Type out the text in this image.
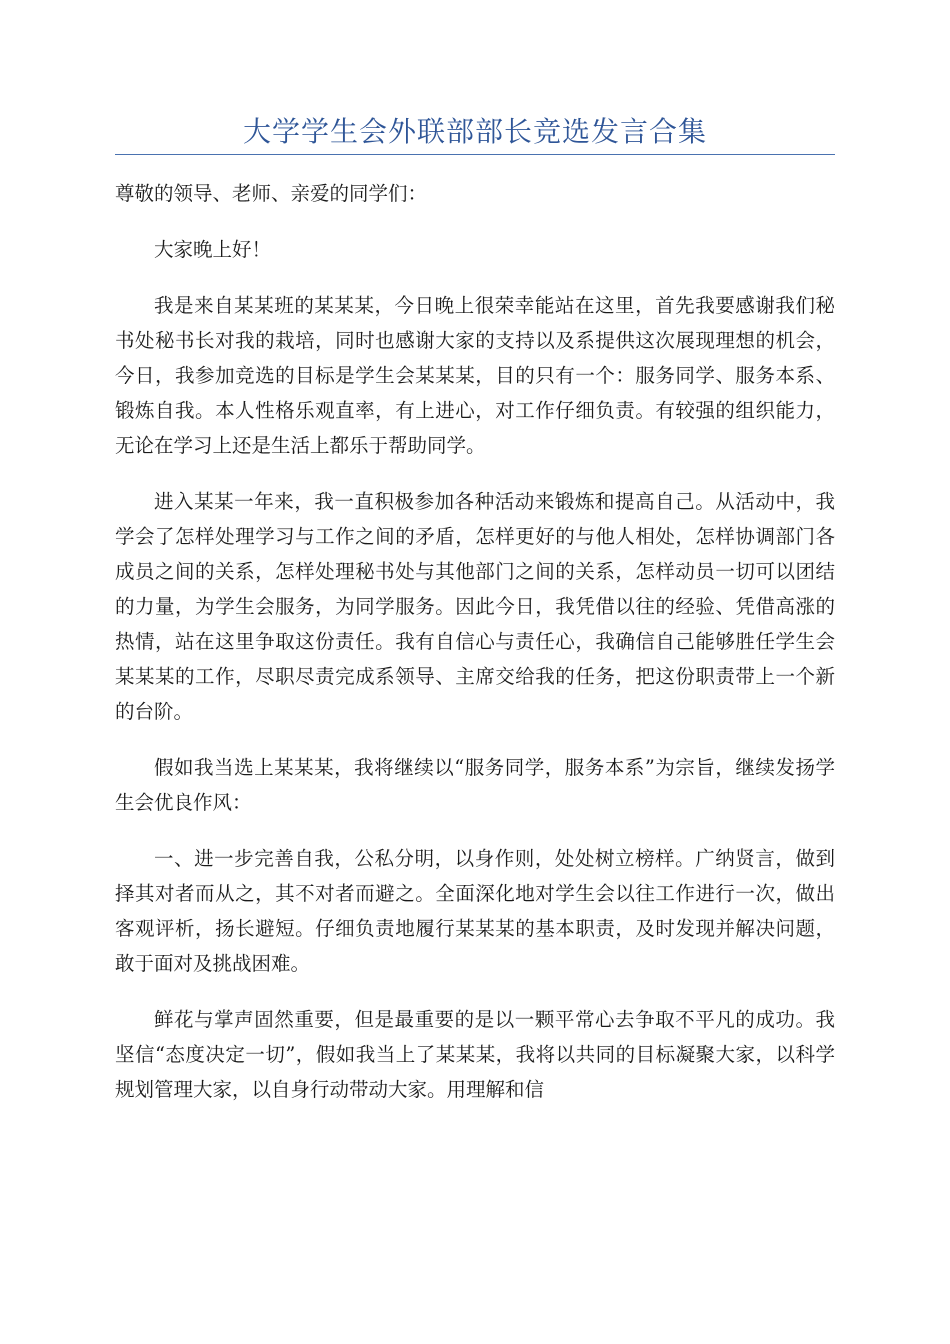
大学学生会外联部部长竞选发言合集

尊敬的领导、老师、亲爱的同学们：

大家晚上好！

我是来自某某班的某某某，今日晚上很荣幸能站在这里，首先我要感谢我们秘书处秘书长对我的栽培，同时也感谢大家的支持以及系提供这次展现理想的机会，今日，我参加竞选的目标是学生会某某某，目的只有一个：服务同学、服务本系、锻炼自我。本人性格乐观直率，有上进心，对工作仔细负责。有较强的组织能力，无论在学习上还是生活上都乐于帮助同学。

进入某某一年来，我一直积极参加各种活动来锻炼和提高自己。从活动中，我学会了怎样处理学习与工作之间的矛盾，怎样更好的与他人相处，怎样协调部门各成员之间的关系，怎样处理秘书处与其他部门之间的关系，怎样动员一切可以团结的力量，为学生会服务，为同学服务。因此今日，我凭借以往的经验、凭借高涨的热情，站在这里争取这份责任。我有自信心与责任心，我确信自己能够胜任学生会某某某的工作，尽职尽责完成系领导、主席交给我的任务，把这份职责带上一个新的台阶。

假如我当选上某某某，我将继续以“服务同学，服务本系”为宗旨，继续发扬学生会优良作风：

一、进一步完善自我，公私分明，以身作则，处处树立榜样。广纳贤言，做到择其对者而从之，其不对者而避之。全面深化地对学生会以往工作进行一次，做出客观评析，扬长避短。仔细负责地履行某某某的基本职责，及时发现并解决问题，敢于面对及挑战困难。

鲜花与掌声固然重要，但是最重要的是以一颗平常心去争取不平凡的成功。我坚信“态度决定一切”，假如我当上了某某某，我将以共同的目标凝聚大家，以科学规划管理大家，以自身行动带动大家。用理解和信
